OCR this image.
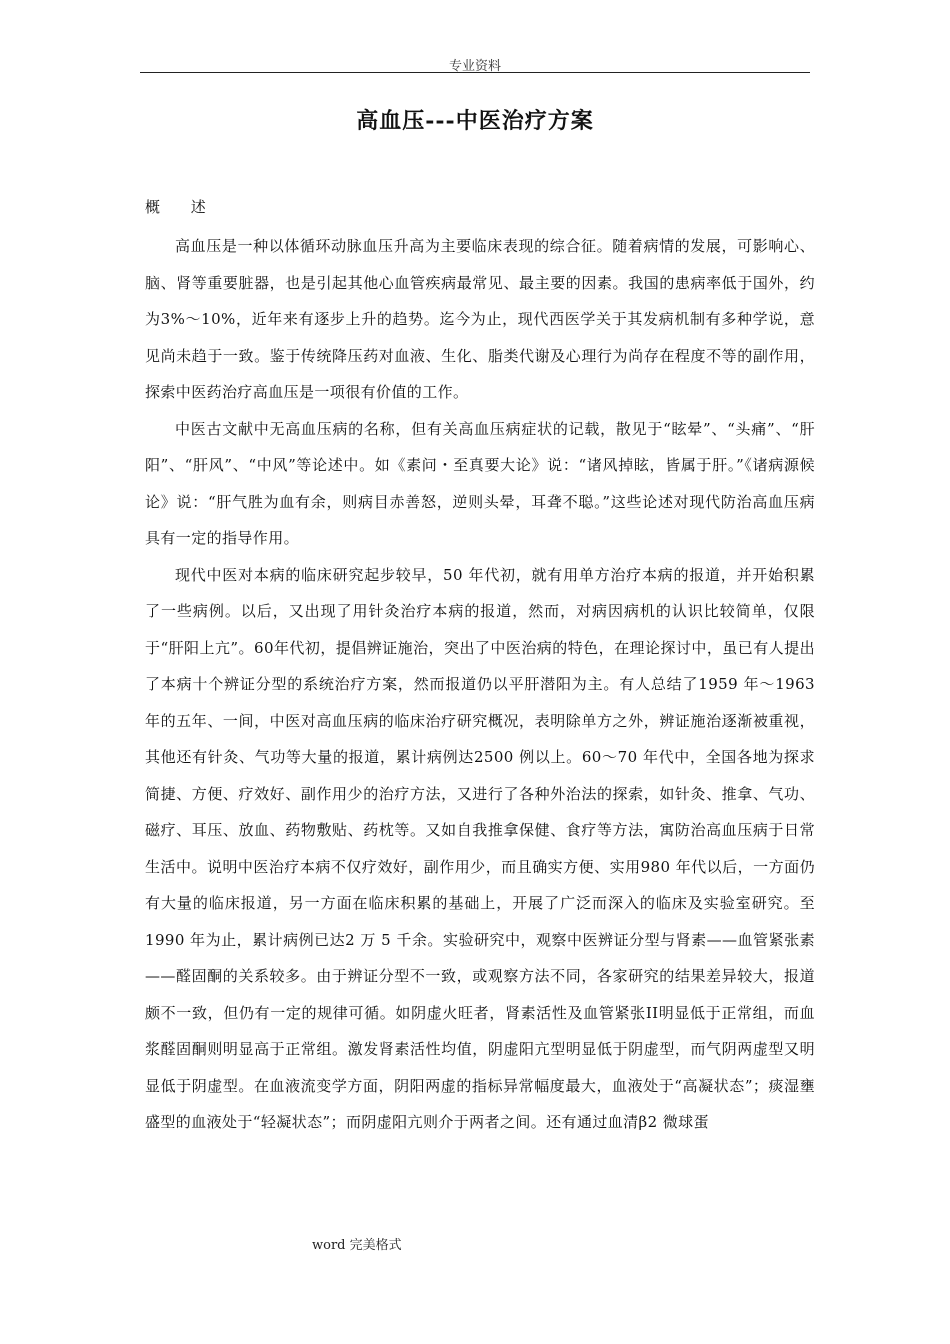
专业资料
高血压---中医治疗方案
概 述

高血压是一种以体循环动脉血压升高为主要临床表现的综合征。随着病情的发展，可影响心、脑、肾等重要脏器，也是引起其他心血管疾病最常见、最主要的因素。我国的患病率低于国外，约为3%～10%，近年来有逐步上升的趋势。迄今为止，现代西医学关于其发病机制有多种学说，意见尚未趋于一致。鉴于传统降压药对血液、生化、脂类代谢及心理行为尚存在程度不等的副作用，探索中医药治疗高血压是一项很有价值的工作。

中医古文献中无高血压病的名称，但有关高血压病症状的记载，散见于“眩晕”、“头痛”、“肝阳”、“肝风”、“中风”等论述中。如《素问・至真要大论》说：“诸风掉眩，皆属于肝。”《诸病源候论》说：“肝气胜为血有余，则病目赤善怒，逆则头晕，耳聋不聪。”这些论述对现代防治高血压病具有一定的指导作用。

现代中医对本病的临床研究起步较早，50 年代初，就有用单方治疗本病的报道，并开始积累了一些病例。以后，又出现了用针灸治疗本病的报道，然而，对病因病机的认识比较简单，仅限于“肝阳上亢”。60年代初，提倡辨证施治，突出了中医治病的特色，在理论探讨中，虽已有人提出了本病十个辨证分型的系统治疗方案，然而报道仍以平肝潜阳为主。有人总结了1959 年～1963 年的五年、一间，中医对高血压病的临床治疗研究概况，表明除单方之外，辨证施治逐渐被重视，其他还有针灸、气功等大量的报道，累计病例达2500 例以上。60～70 年代中，全国各地为探求简捷、方便、疗效好、副作用少的治疗方法，又进行了各种外治法的探索，如针灸、推拿、气功、磁疗、耳压、放血、药物敷贴、药枕等。又如自我推拿保健、食疗等方法，寓防治高血压病于日常生活中。说明中医治疗本病不仅疗效好，副作用少，而且确实方便、实用980 年代以后，一方面仍有大量的临床报道，另一方面在临床积累的基础上，开展了广泛而深入的临床及实验室研究。至1990 年为止，累计病例已达2 万 5 千余。实验研究中，观察中医辨证分型与肾素——血管紧张素——醛固酮的关系较多。由于辨证分型不一致，或观察方法不同，各家研究的结果差异较大，报道颇不一致，但仍有一定的规律可循。如阴虚火旺者，肾素活性及血管紧张II明显低于正常组，而血浆醛固酮则明显高于正常组。激发肾素活性均值，阴虚阳亢型明显低于阴虚型，而气阴两虚型又明显低于阴虚型。在血液流变学方面，阴阳两虚的指标异常幅度最大，血液处于“高凝状态”；痰湿壅盛型的血液处于“轻凝状态”；而阴虚阳亢则介于两者之间。还有通过血清β2 微球蛋

word 完美格式
